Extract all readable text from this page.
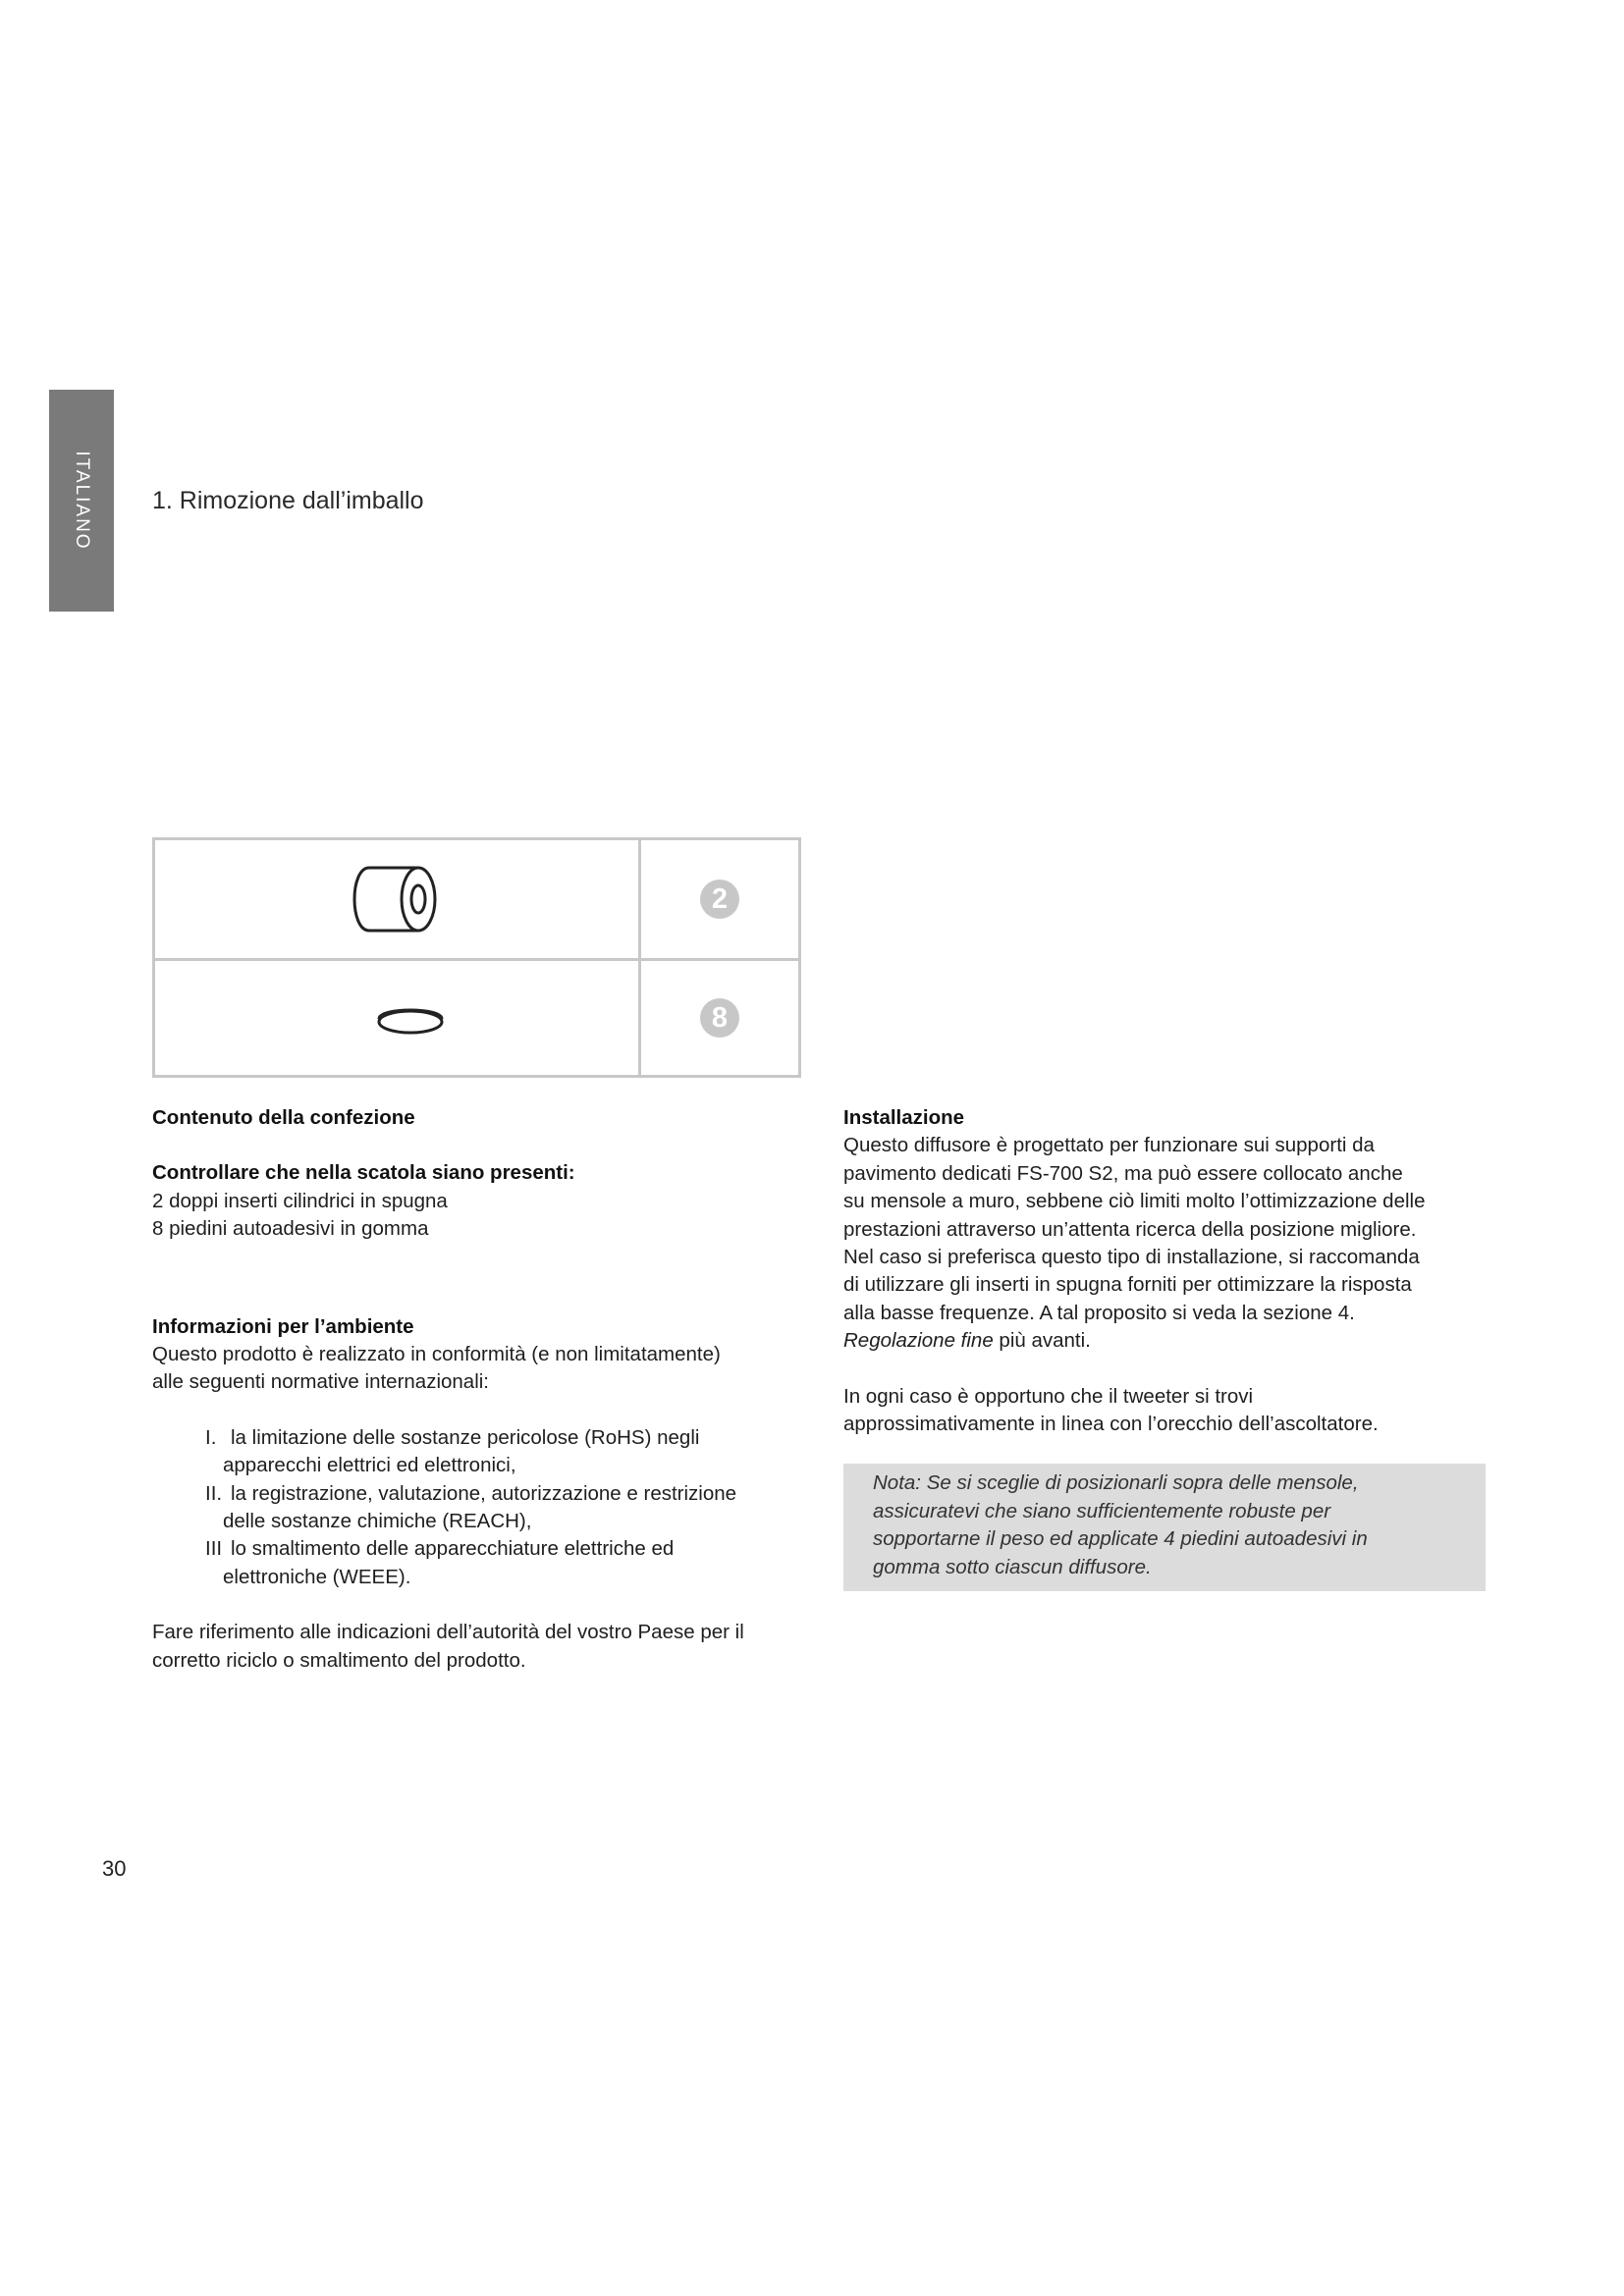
ITALIANO 1. Rimozione dall’imballo
2
8
Contenuto della confezione
Controllare che nella scatola siano presenti:

2 doppi inserti cilindrici in spugna

8 piedini autoadesivi in gomma

Informazioni per l’ambiente

Questo prodotto è realizzato in conformità (e non limitatamente)

alle seguenti normative internazionali:

I. la limitazione delle sostanze pericolose (RoHS) negli
apparecchi elettrici ed elettronici,
II. la registrazione, valutazione, autorizzazione e restrizione
delle sostanze chimiche (REACH),
III lo smaltimento delle apparecchiature elettriche ed
elettroniche (WEEE).

Fare riferimento alle indicazioni dell’autorità del vostro Paese per il

corretto riciclo o smaltimento del prodotto.

Installazione

Questo diffusore è progettato per funzionare sui supporti da

pavimento dedicati FS-700 S2, ma può essere collocato anche

su mensole a muro, sebbene ciò limiti molto l’ottimizzazione delle

prestazioni attraverso un’attenta ricerca della posizione migliore.

Nel caso si preferisca questo tipo di installazione, si raccomanda

di utilizzare gli inserti in spugna forniti per ottimizzare la risposta

alla basse frequenze. A tal proposito si veda la sezione 4.

Regolazione fine più avanti.

In ogni caso è opportuno che il tweeter si trovi

approssimativamente in linea con l’orecchio dell’ascoltatore.

Nota: Se si sceglie di posizionarli sopra delle mensole,

assicuratevi che siano sufficientemente robuste per

sopportarne il peso ed applicate 4 piedini autoadesivi in

gomma sotto ciascun diffusore.

30
